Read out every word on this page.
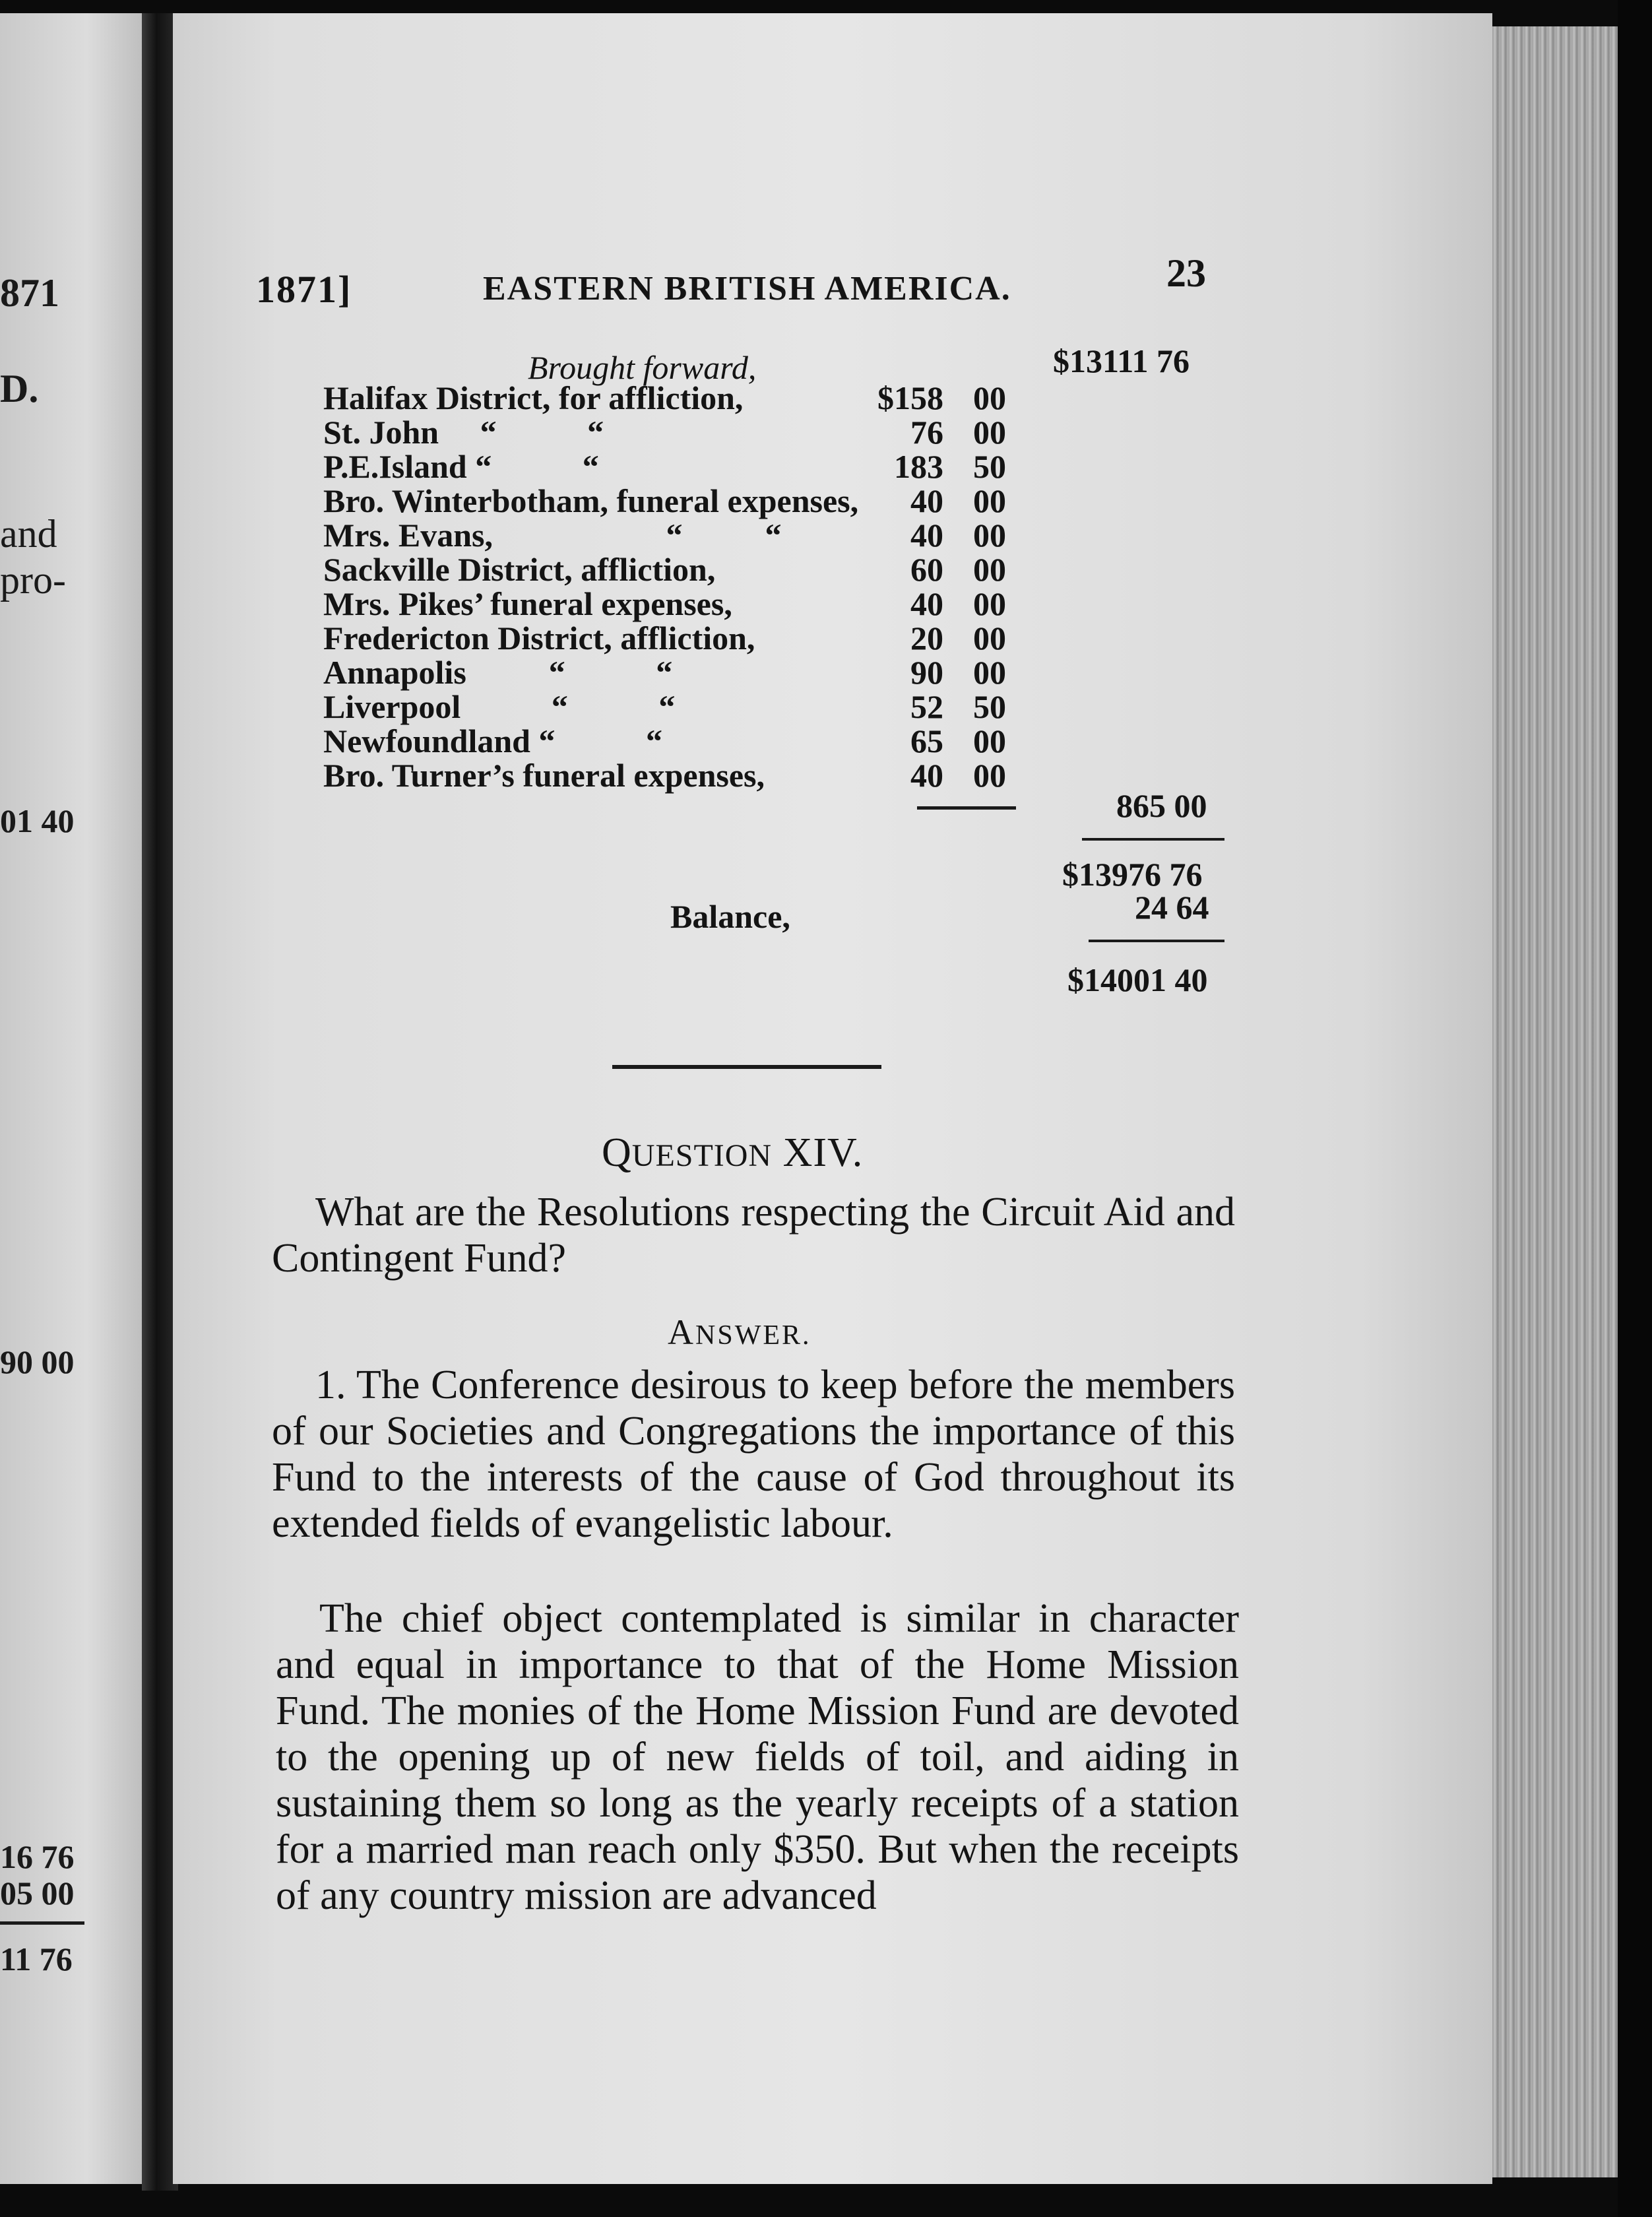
871
D.
and
pro-
01 40
90 00
16 76
05 00
11 76
1871]	EASTERN BRITISH AMERICA.	23
Brought forward,	$13111 76
Halifax District, for affliction,	$158 00
St. John     “           “	76 00
P.E.Island “           “	183 50
Bro. Winterbotham, funeral expenses,	40 00
Mrs. Evans,                     “          “	40 00
Sackville District, affliction,	60 00
Mrs. Pikes’ funeral expenses,	40 00
Fredericton District, affliction,	20 00
Annapolis          “           “	90 00
Liverpool           “           “	52 50
Newfoundland “           “	65 00
Bro. Turner’s funeral expenses,	40 00
865 00
$13976 76
Balance,	24 64
$14001 40
QUESTION XIV.
What are the Resolutions respecting the Circuit Aid and Contingent Fund?
ANSWER.
1. The Conference desirous to keep before the members of our Societies and Congregations the importance of this Fund to the interests of the cause of God throughout its extended fields of evangelistic labour.
The chief object contemplated is similar in character and equal in importance to that of the Home Mission Fund. The monies of the Home Mission Fund are devoted to the opening up of new fields of toil, and aiding in sustaining them so long as the yearly receipts of a station for a married man reach only $350. But when the receipts of any country mission are advanced
